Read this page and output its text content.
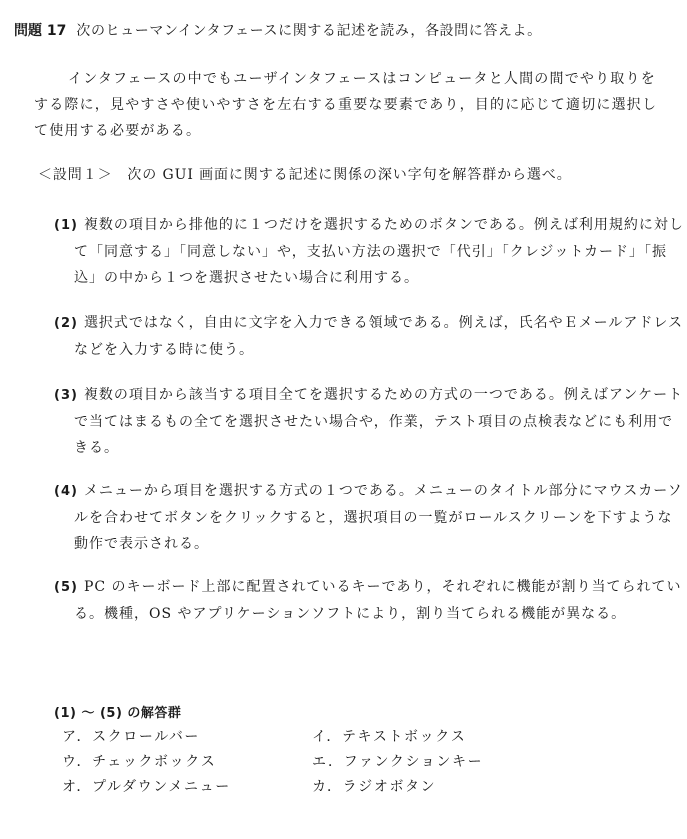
問題 17 次のヒューマンインタフェースに関する記述を読み，各設問に答えよ。

インタフェースの中でもユーザインタフェースはコンピュータと人間の間でやり取りをする際に，見やすさや使いやすさを左右する重要な要素であり，目的に応じて適切に選択して使用する必要がある。

＜設問１＞　次の GUI 画面に関する記述に関係の深い字句を解答群から選べ。
(1) 複数の項目から排他的に１つだけを選択するためのボタンである。例えば利用規約に対して「同意する」「同意しない」や，支払い方法の選択で「代引」「クレジットカード」「振込」の中から１つを選択させたい場合に利用する。
(2) 選択式ではなく，自由に文字を入力できる領域である。例えば，氏名やＥメールアドレスなどを入力する時に使う。
(3) 複数の項目から該当する項目全てを選択するための方式の一つである。例えばアンケートで当てはまるもの全てを選択させたい場合や，作業，テスト項目の点検表などにも利用できる。
(4) メニューから項目を選択する方式の１つである。メニューのタイトル部分にマウスカーソルを合わせてボタンをクリックすると，選択項目の一覧がロールスクリーンを下すような動作で表示される。
(5) PC のキーボード上部に配置されているキーであり，それぞれに機能が割り当てられている。機種，OS やアプリケーションソフトにより，割り当てられる機能が異なる。
(1) ～ (5) の解答群
ア．スクロールバー	イ．テキストボックス
ウ．チェックボックス	エ．ファンクションキー
オ．プルダウンメニュー	カ．ラジオボタン
